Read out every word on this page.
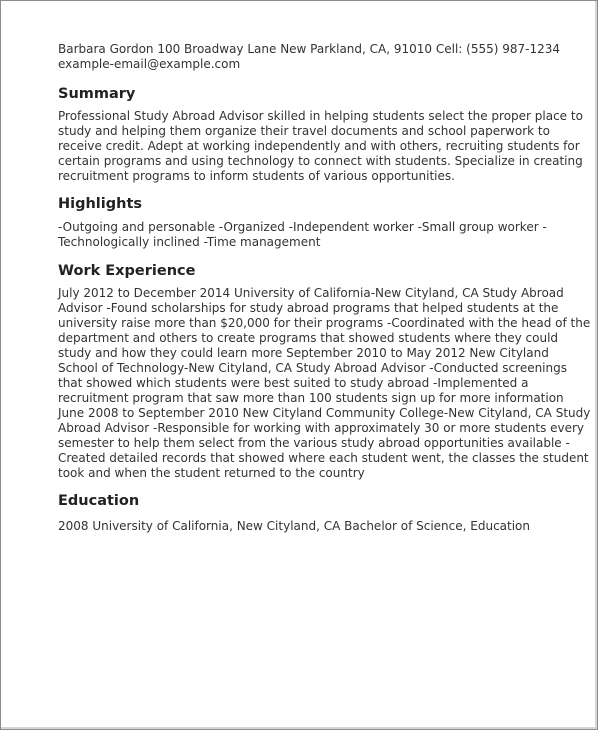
Barbara Gordon 100 Broadway Lane New Parkland, CA, 91010 Cell: (555) 987-1234 example-email@example.com

Summary

Professional Study Abroad Advisor skilled in helping students select the proper place to study and helping them organize their travel documents and school paperwork to receive credit. Adept at working independently and with others, recruiting students for certain programs and using technology to connect with students. Specialize in creating recruitment programs to inform students of various opportunities.

Highlights

-Outgoing and personable -Organized -Independent worker -Small group worker -Technologically inclined -Time management

Work Experience

July 2012 to December 2014 University of California-New Cityland, CA Study Abroad Advisor -Found scholarships for study abroad programs that helped students at the university raise more than $20,000 for their programs -Coordinated with the head of the department and others to create programs that showed students where they could study and how they could learn more September 2010 to May 2012 New Cityland School of Technology-New Cityland, CA Study Abroad Advisor -Conducted screenings that showed which students were best suited to study abroad -Implemented a recruitment program that saw more than 100 students sign up for more information June 2008 to September 2010 New Cityland Community College-New Cityland, CA Study Abroad Advisor -Responsible for working with approximately 30 or more students every semester to help them select from the various study abroad opportunities available -Created detailed records that showed where each student went, the classes the student took and when the student returned to the country

Education

2008 University of California, New Cityland, CA Bachelor of Science, Education
